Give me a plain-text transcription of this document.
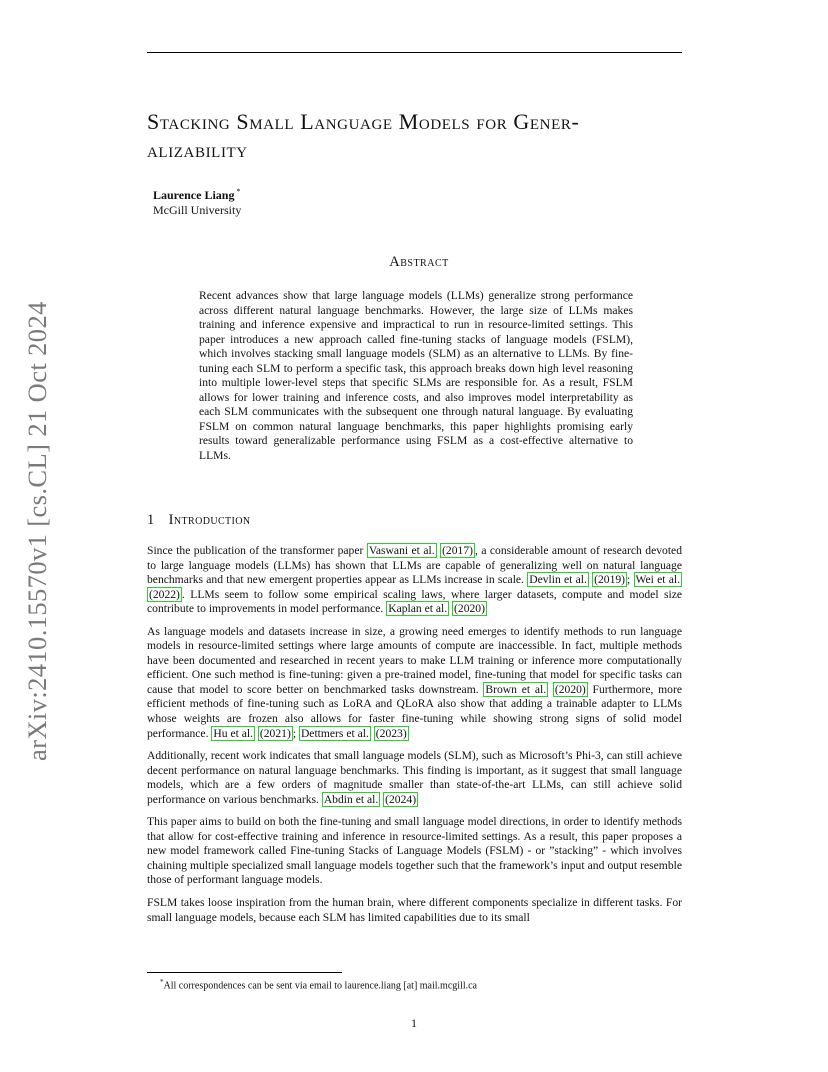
arXiv:2410.15570v1 [cs.CL] 21 Oct 2024
Stacking Small Language Models for Gener-
alizability
Laurence Liang *
McGill University
Abstract
Recent advances show that large language models (LLMs) generalize strong performance across different natural language benchmarks. However, the large size of LLMs makes training and inference expensive and impractical to run in resource-limited settings. This paper introduces a new approach called fine-tuning stacks of language models (FSLM), which involves stacking small language models (SLM) as an alternative to LLMs. By fine-tuning each SLM to perform a specific task, this approach breaks down high level reasoning into multiple lower-level steps that specific SLMs are responsible for. As a result, FSLM allows for lower training and inference costs, and also improves model interpretability as each SLM communicates with the subsequent one through natural language. By evaluating FSLM on common natural language benchmarks, this paper highlights promising early results toward generalizable performance using FSLM as a cost-effective alternative to LLMs.
1 Introduction

Since the publication of the transformer paper Vaswani et al. (2017) , a considerable amount of research devoted to large language models (LLMs) has shown that LLMs are capable of generalizing well on natural language benchmarks and that new emergent properties appear as LLMs increase in scale. Devlin et al. (2019) ; Wei et al. (2022) . LLMs seem to follow some empirical scaling laws, where larger datasets, compute and model size contribute to improvements in model performance. Kaplan et al. (2020)

As language models and datasets increase in size, a growing need emerges to identify methods to run language models in resource-limited settings where large amounts of compute are inaccessible. In fact, multiple methods have been documented and researched in recent years to make LLM training or inference more computationally efficient. One such method is fine-tuning: given a pre-trained model, fine-tuning that model for specific tasks can cause that model to score better on benchmarked tasks downstream. Brown et al. (2020) Furthermore, more efficient methods of fine-tuning such as LoRA and QLoRA also show that adding a trainable adapter to LLMs whose weights are frozen also allows for faster fine-tuning while showing strong signs of solid model performance. Hu et al. (2021) ; Dettmers et al. (2023)

Additionally, recent work indicates that small language models (SLM), such as Microsoft’s Phi-3, can still achieve decent performance on natural language benchmarks. This finding is important, as it suggest that small language models, which are a few orders of magnitude smaller than state-of-the-art LLMs, can still achieve solid performance on various benchmarks. Abdin et al. (2024)

This paper aims to build on both the fine-tuning and small language model directions, in order to identify methods that allow for cost-effective training and inference in resource-limited settings. As a result, this paper proposes a new model framework called Fine-tuning Stacks of Language Models (FSLM) - or ”stacking” - which involves chaining multiple specialized small language models together such that the framework’s input and output resemble those of performant language models.

FSLM takes loose inspiration from the human brain, where different components specialize in different tasks. For small language models, because each SLM has limited capabilities due to its small

*All correspondences can be sent via email to laurence.liang [at] mail.mcgill.ca
1
